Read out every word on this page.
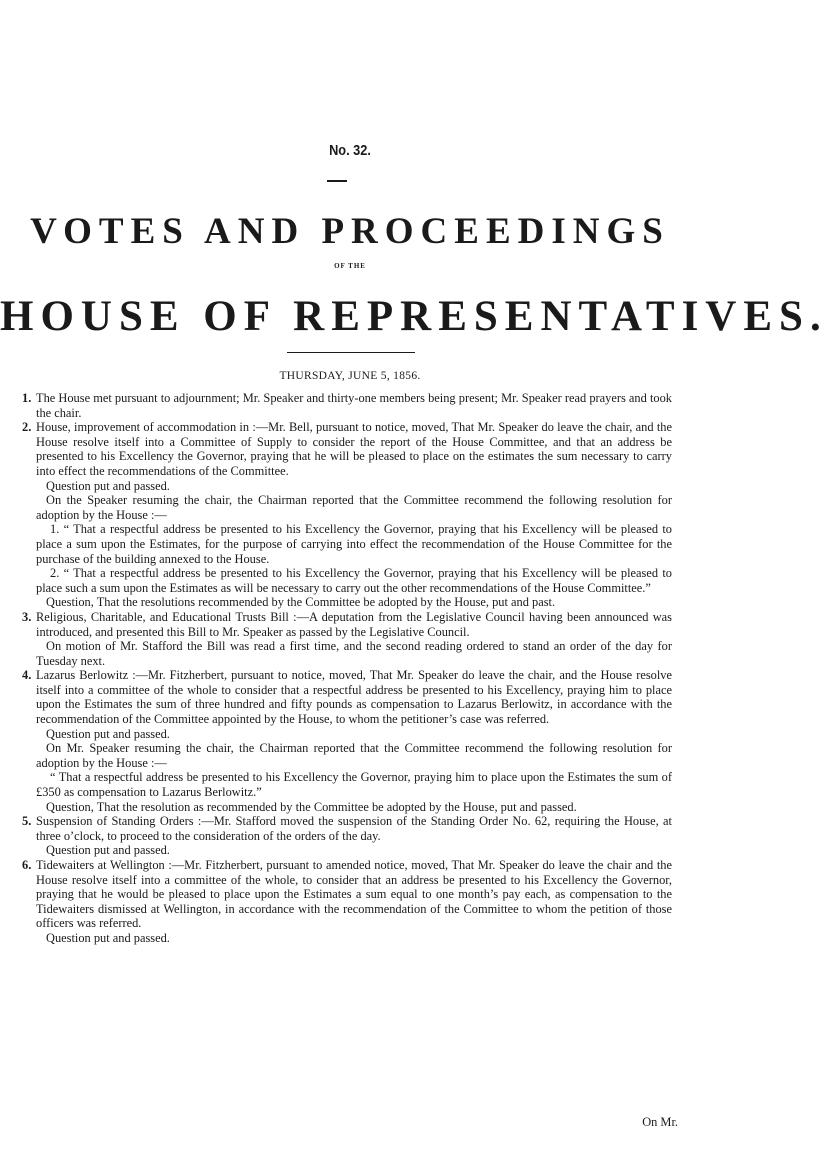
No. 32.
VOTES AND PROCEEDINGS
OF THE
HOUSE OF REPRESENTATIVES.
THURSDAY, JUNE 5, 1856.
1. The House met pursuant to adjournment; Mr. Speaker and thirty-one members being present; Mr. Speaker read prayers and took the chair.

2. House, improvement of accommodation in :—Mr. Bell, pursuant to notice, moved, That Mr. Speaker do leave the chair, and the House resolve itself into a Committee of Supply to consider the report of the House Committee, and that an address be presented to his Excellency the Governor, praying that he will be pleased to place on the estimates the sum necessary to carry into effect the recommendations of the Committee.

Question put and passed.

On the Speaker resuming the chair, the Chairman reported that the Committee recommend the following resolution for adoption by the House :—

1. “ That a respectful address be presented to his Excellency the Governor, praying that his Excellency will be pleased to place a sum upon the Estimates, for the purpose of carrying into effect the recommendation of the House Committee for the purchase of the building annexed to the House.

2. “ That a respectful address be presented to his Excellency the Governor, praying that his Excellency will be pleased to place such a sum upon the Estimates as will be necessary to carry out the other recommendations of the House Committee.”

Question, That the resolutions recommended by the Committee be adopted by the House, put and past.

3. Religious, Charitable, and Educational Trusts Bill :—A deputation from the Legislative Council having been announced was introduced, and presented this Bill to Mr. Speaker as passed by the Legislative Council.

On motion of Mr. Stafford the Bill was read a first time, and the second reading ordered to stand an order of the day for Tuesday next.

4. Lazarus Berlowitz :—Mr. Fitzherbert, pursuant to notice, moved, That Mr. Speaker do leave the chair, and the House resolve itself into a committee of the whole to consider that a respectful address be presented to his Excellency, praying him to place upon the Estimates the sum of three hundred and fifty pounds as compensation to Lazarus Berlowitz, in accordance with the recommendation of the Committee appointed by the House, to whom the petitioner’s case was referred.

Question put and passed.

On Mr. Speaker resuming the chair, the Chairman reported that the Committee recommend the following resolution for adoption by the House :—

“ That a respectful address be presented to his Excellency the Governor, praying him to place upon the Estimates the sum of £350 as compensation to Lazarus Berlowitz.”

Question, That the resolution as recommended by the Committee be adopted by the House, put and passed.

5. Suspension of Standing Orders :—Mr. Stafford moved the suspension of the Standing Order No. 62, requiring the House, at three o’clock, to proceed to the consideration of the orders of the day.

Question put and passed.

6. Tidewaiters at Wellington :—Mr. Fitzherbert, pursuant to amended notice, moved, That Mr. Speaker do leave the chair and the House resolve itself into a committee of the whole, to consider that an address be presented to his Excellency the Governor, praying that he would be pleased to place upon the Estimates a sum equal to one month’s pay each, as compensation to the Tidewaiters dismissed at Wellington, in accordance with the recommendation of the Committee to whom the petition of those officers was referred.

Question put and passed.

On Mr.
